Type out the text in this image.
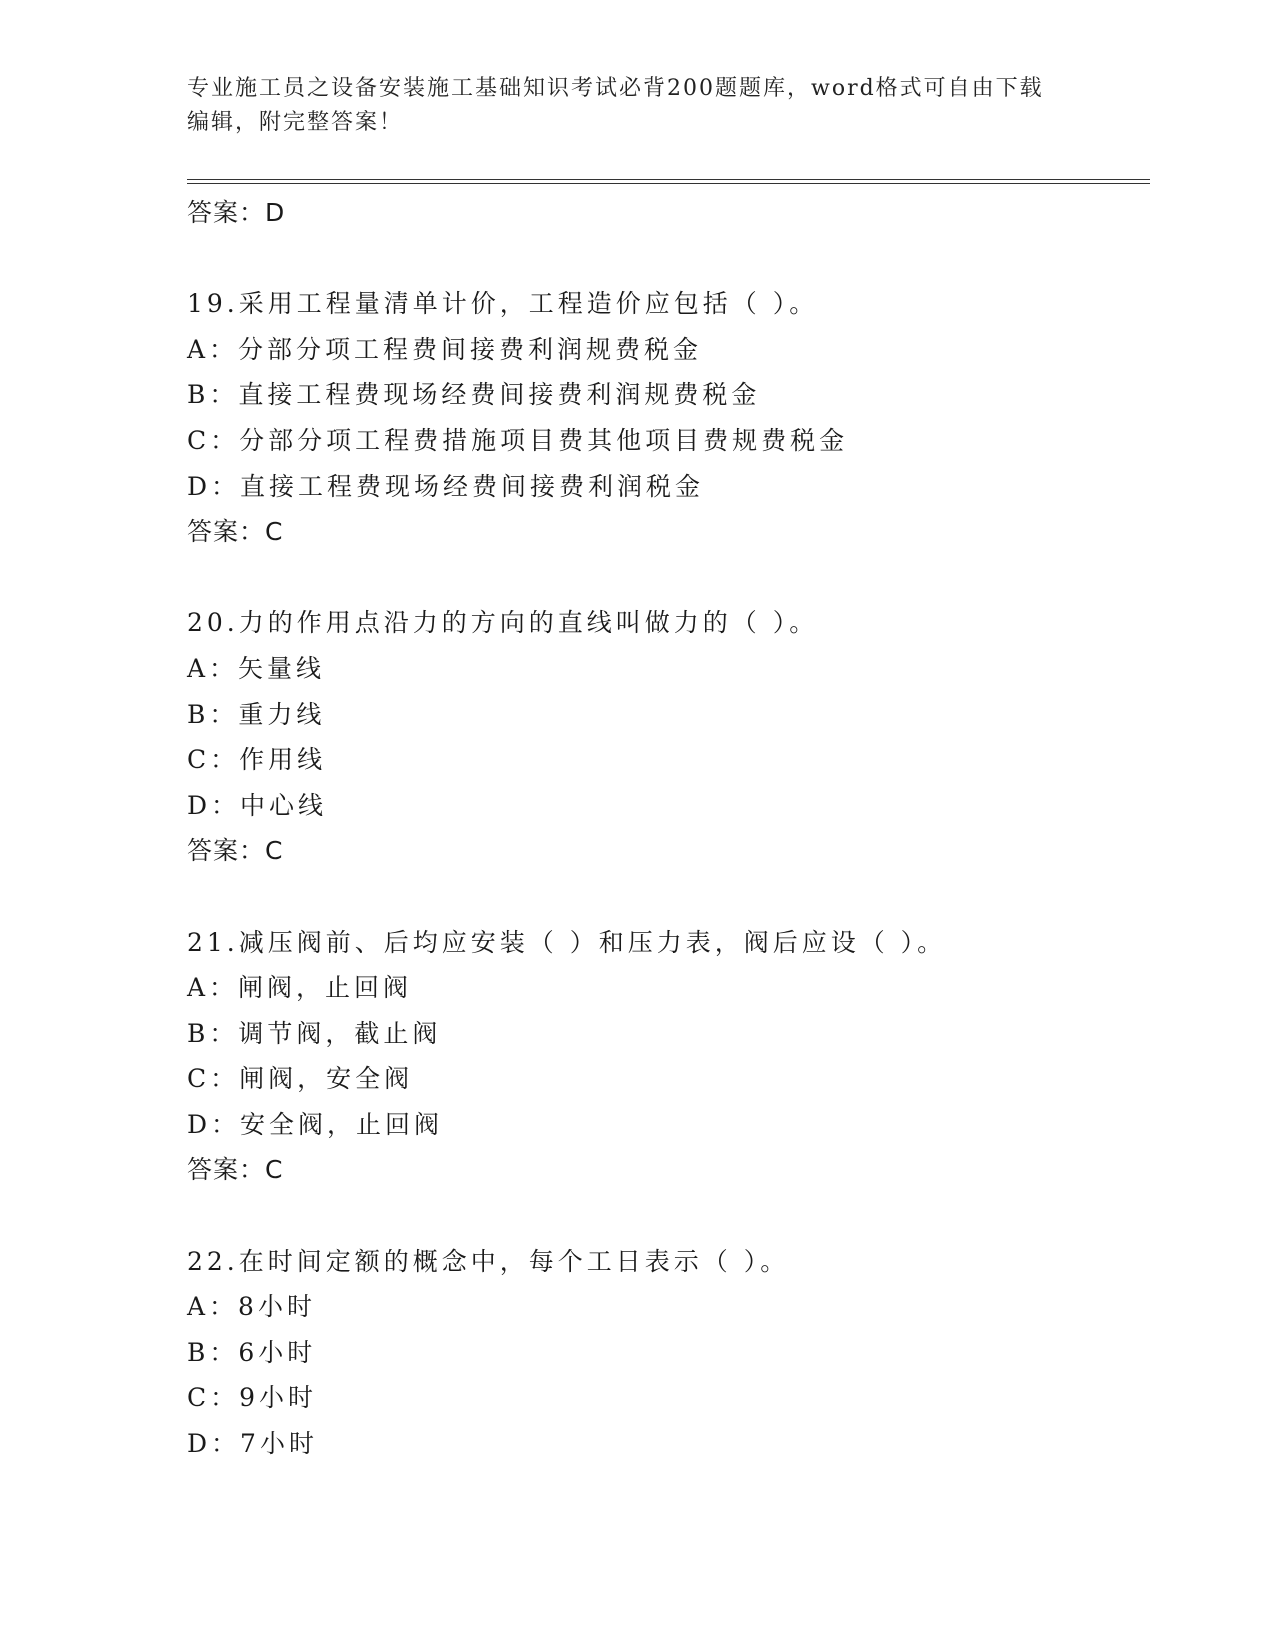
专业施工员之设备安装施工基础知识考试必背200题题库，word格式可自由下载
编辑，附完整答案！
答案：D
19.采用工程量清单计价，工程造价应包括（ ）。
A：分部分项工程费间接费利润规费税金
B：直接工程费现场经费间接费利润规费税金
C：分部分项工程费措施项目费其他项目费规费税金
D：直接工程费现场经费间接费利润税金
答案：C
20.力的作用点沿力的方向的直线叫做力的（ ）。
A：矢量线
B：重力线
C：作用线
D：中心线
答案：C
21.减压阀前、后均应安装（ ）和压力表，阀后应设（ ）。
A：闸阀，止回阀
B：调节阀，截止阀
C：闸阀，安全阀
D：安全阀，止回阀
答案：C
22.在时间定额的概念中，每个工日表示（ ）。
A：8小时
B：6小时
C：9小时
D：7小时
